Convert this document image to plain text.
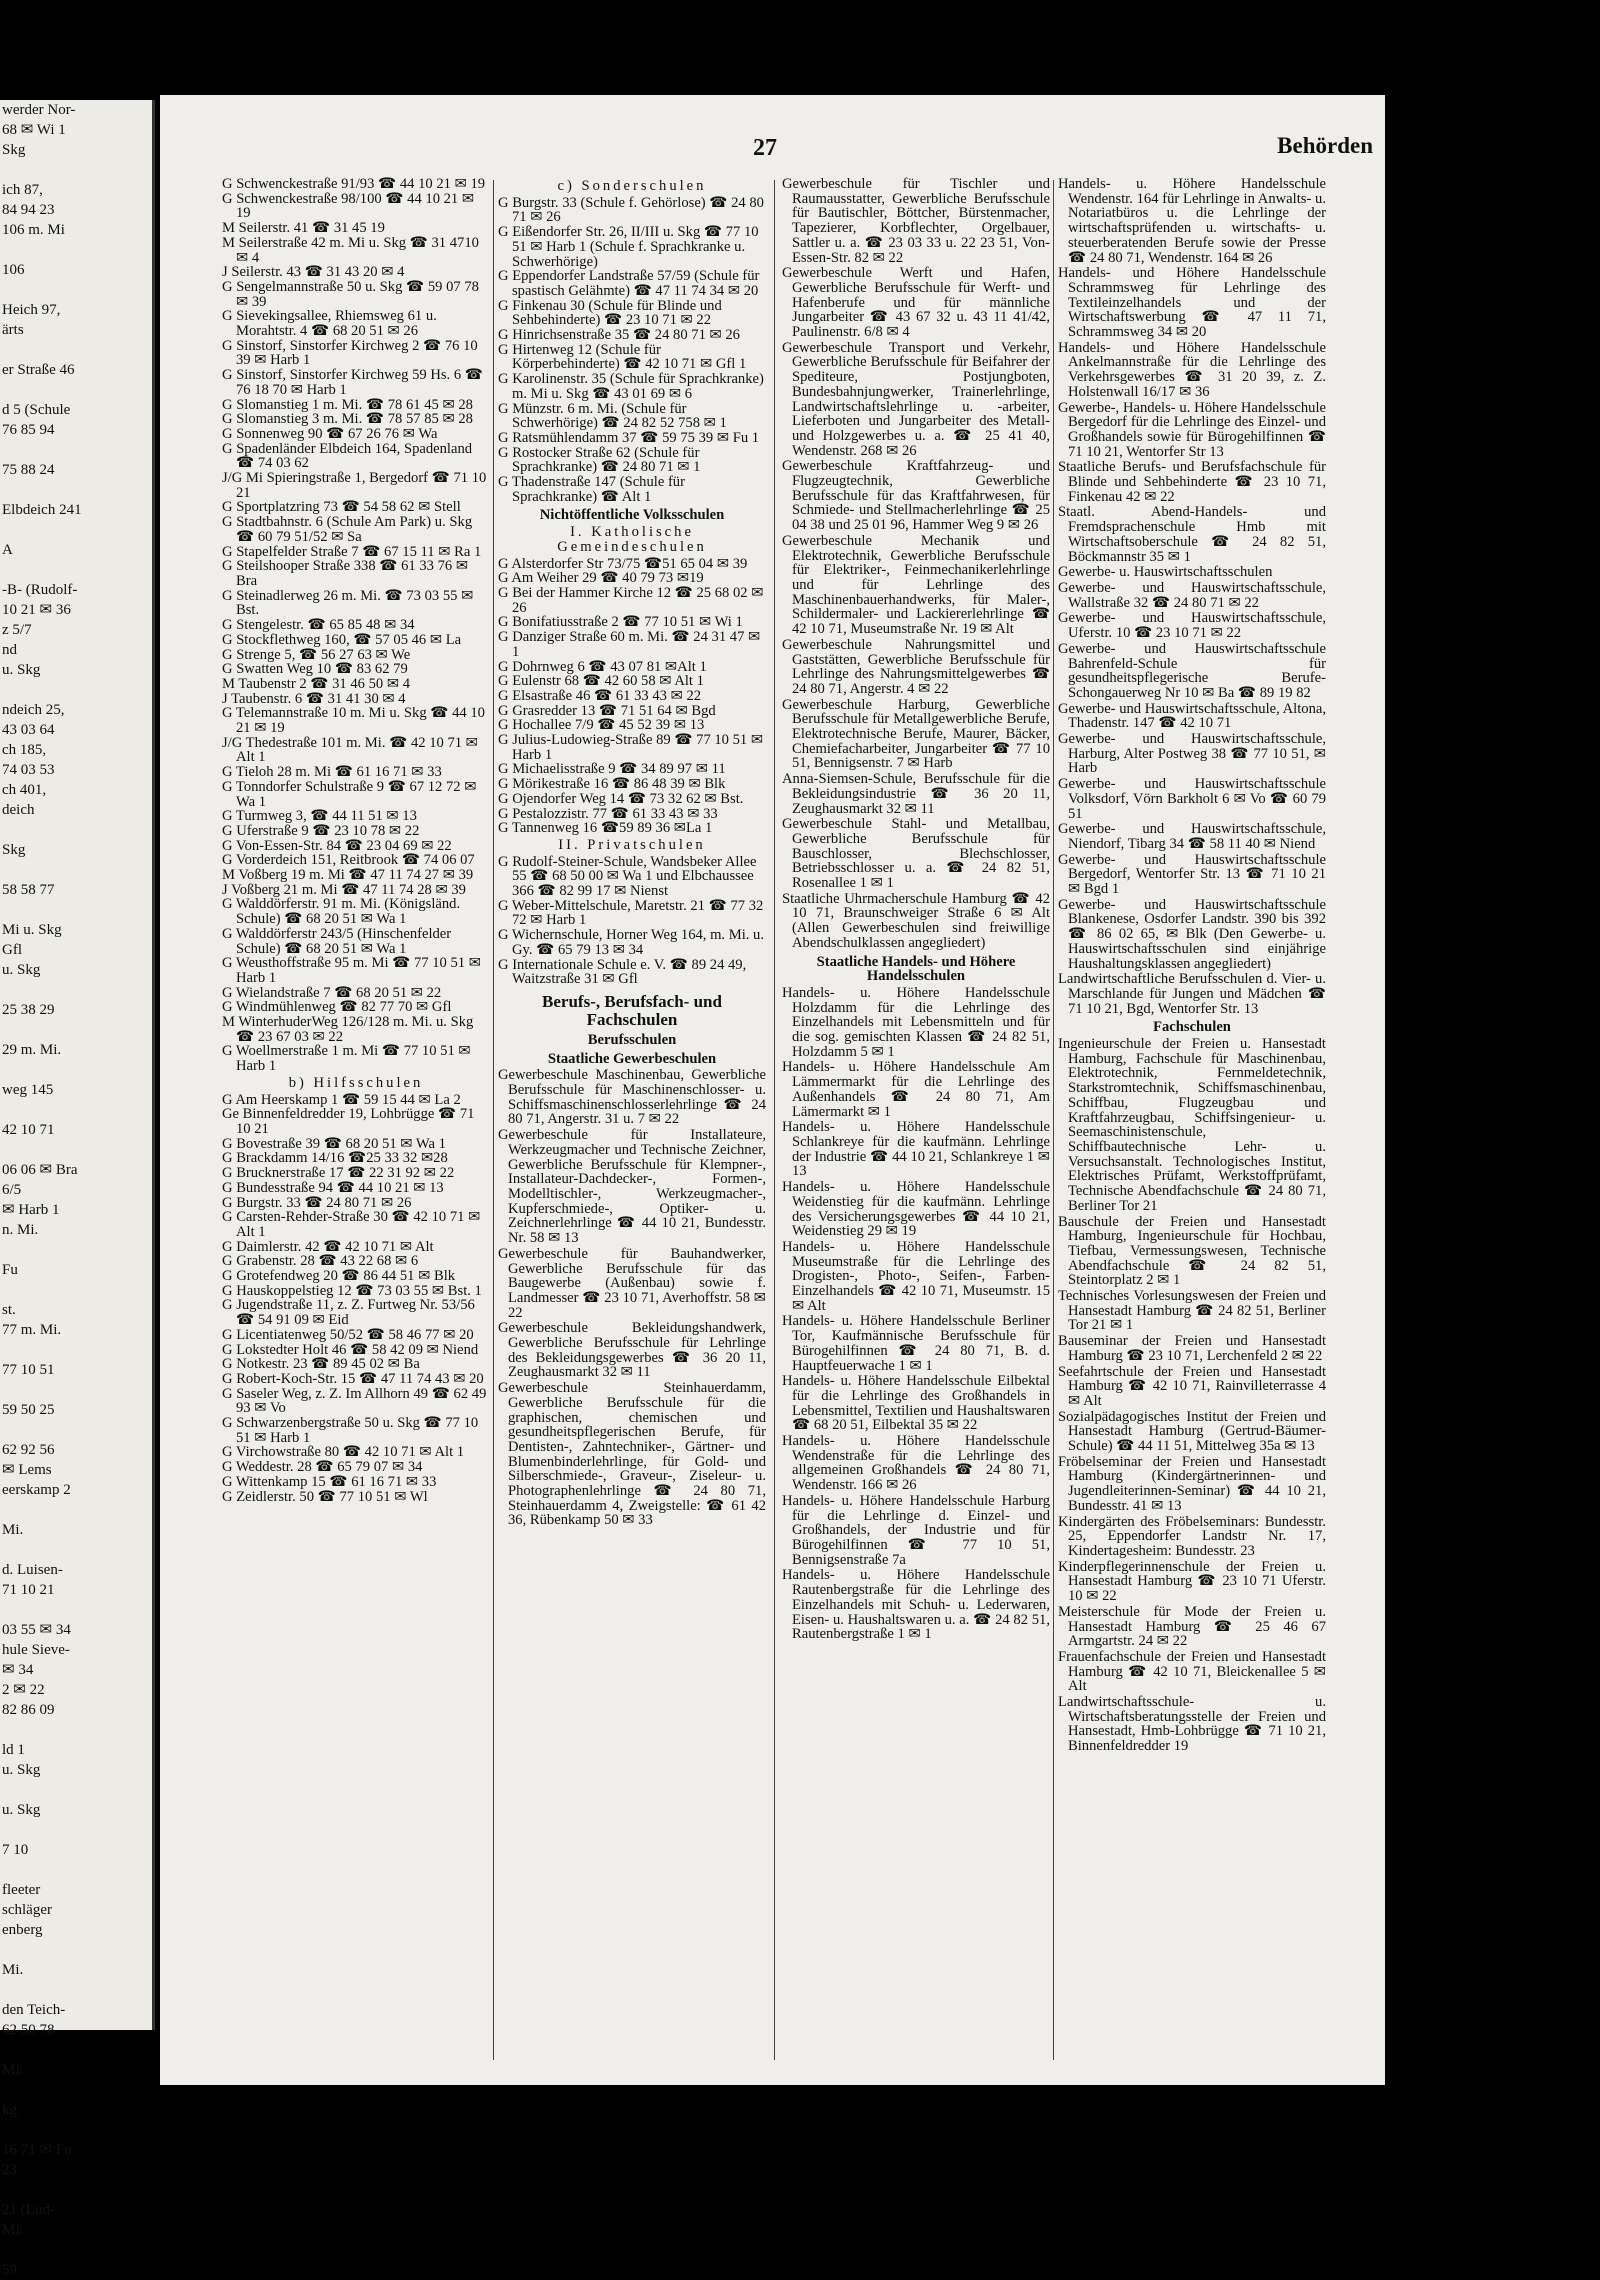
werder Nor-
68 ✉ Wi 1
Skg

ich 87,
84 94 23
106 m. Mi

106

Heich 97,
ärts

er Straße 46

d 5 (Schule
76 85 94

75 88 24

Elbdeich 241

A

-B- (Rudolf-
10 21 ✉ 36
z 5/7
nd
u. Skg

ndeich 25,
43 03 64
ch 185,
74 03 53
ch 401,
deich

Skg

58 58 77

Mi u. Skg
Gfl
u. Skg

25 38 29

29 m. Mi.

weg 145

42 10 71

06 06 ✉ Bra
6/5
✉ Harb 1
n. Mi.

Fu

st.
77 m. Mi.

77 10 51

59 50 25

62 92 56
✉ Lems
eerskamp 2

Mi.

d. Luisen-
71 10 21

03 55 ✉ 34
hule Sieve-
✉ 34
2 ✉ 22
82 86 09

ld 1
u. Skg

u. Skg

7 10

fleeter
schläger
enberg

Mi.

den Teich-
62 50 78

Mi.

kg

16 71 ✉ Fu
23

21 (Lud-
Mi.

59
27	Behörden
G Schwenckestraße 91/93 ☎ 44 10 21 ✉ 19
G Schwenckestraße 98/100 ☎ 44 10 21 ✉ 19
M Seilerstr. 41 ☎ 31 45 19
M Seilerstraße 42 m. Mi u. Skg ☎ 31 4710 ✉ 4
J Seilerstr. 43 ☎ 31 43 20 ✉ 4
G Sengelmannstraße 50 u. Skg ☎ 59 07 78 ✉ 39
G Sievekingsallee, Rhiemsweg 61 u. Morahtstr. 4 ☎ 68 20 51 ✉ 26
G Sinstorf, Sinstorfer Kirchweg 2 ☎ 76 10 39 ✉ Harb 1
G Sinstorf, Sinstorfer Kirchweg 59 Hs. 6 ☎ 76 18 70 ✉ Harb 1
G Slomanstieg 1 m. Mi. ☎ 78 61 45 ✉ 28
G Slomanstieg 3 m. Mi. ☎ 78 57 85 ✉ 28
G Sonnenweg 90 ☎ 67 26 76 ✉ Wa
G Spadenländer Elbdeich 164, Spadenland ☎ 74 03 62
J/G Mi Spieringstraße 1, Bergedorf ☎ 71 10 21
G Sportplatzring 73 ☎ 54 58 62 ✉ Stell
G Stadtbahnstr. 6 (Schule Am Park) u. Skg ☎ 60 79 51/52 ✉ Sa
G Stapelfelder Straße 7 ☎ 67 15 11 ✉ Ra 1
G Steilshooper Straße 338 ☎ 61 33 76 ✉ Bra
G Steinadlerweg 26 m. Mi. ☎ 73 03 55 ✉ Bst.
G Stengelestr. ☎ 65 85 48 ✉ 34
G Stockflethweg 160, ☎ 57 05 46 ✉ La
G Strenge 5, ☎ 56 27 63 ✉ We
G Swatten Weg 10 ☎ 83 62 79
M Taubenstr 2 ☎ 31 46 50 ✉ 4
J Taubenstr. 6 ☎ 31 41 30 ✉ 4
G Telemannstraße 10 m. Mi u. Skg ☎ 44 10 21 ✉ 19
J/G Thedestraße 101 m. Mi. ☎ 42 10 71 ✉ Alt 1
G Tieloh 28 m. Mi ☎ 61 16 71 ✉ 33
G Tonndorfer Schulstraße 9 ☎ 67 12 72 ✉ Wa 1
G Turmweg 3, ☎ 44 11 51 ✉ 13
G Uferstraße 9 ☎ 23 10 78 ✉ 22
G Von-Essen-Str. 84 ☎ 23 04 69 ✉ 22
G Vorderdeich 151, Reitbrook ☎ 74 06 07
M Voßberg 19 m. Mi ☎ 47 11 74 27 ✉ 39
J Voßberg 21 m. Mi ☎ 47 11 74 28 ✉ 39
G Walddörferstr. 91 m. Mi. (Königsländ. Schule) ☎ 68 20 51 ✉ Wa 1
G Walddörferstr 243/5 (Hinschenfelder Schule) ☎ 68 20 51 ✉ Wa 1
G Weusthoffstraße 95 m. Mi ☎ 77 10 51 ✉ Harb 1
G Wielandstraße 7 ☎ 68 20 51 ✉ 22
G Windmühlenweg ☎ 82 77 70 ✉ Gfl
M WinterhuderWeg 126/128 m. Mi. u. Skg ☎ 23 67 03 ✉ 22
G Woellmerstraße 1 m. Mi ☎ 77 10 51 ✉ Harb 1
b) Hilfsschulen
G Am Heerskamp 1 ☎ 59 15 44 ✉ La 2
Ge Binnenfeldredder 19, Lohbrügge ☎ 71 10 21
G Bovestraße 39 ☎ 68 20 51 ✉ Wa 1
G Brackdamm 14/16 ☎25 33 32 ✉28
G Brucknerstraße 17 ☎ 22 31 92 ✉ 22
G Bundesstraße 94 ☎ 44 10 21 ✉ 13
G Burgstr. 33 ☎ 24 80 71 ✉ 26
G Carsten-Rehder-Straße 30 ☎ 42 10 71 ✉ Alt 1
G Daimlerstr. 42 ☎ 42 10 71 ✉ Alt
G Grabenstr. 28 ☎ 43 22 68 ✉ 6
G Grotefendweg 20 ☎ 86 44 51 ✉ Blk
G Hauskoppelstieg 12 ☎ 73 03 55 ✉ Bst. 1
G Jugendstraße 11, z. Z. Furtweg Nr. 53/56 ☎ 54 91 09 ✉ Eid
G Licentiatenweg 50/52 ☎ 58 46 77 ✉ 20
G Lokstedter Holt 46 ☎ 58 42 09 ✉ Niend
G Notkestr. 23 ☎ 89 45 02 ✉ Ba
G Robert-Koch-Str. 15 ☎ 47 11 74 43 ✉ 20
G Saseler Weg, z. Z. Im Allhorn 49 ☎ 62 49 93 ✉ Vo
G Schwarzenbergstraße 50 u. Skg ☎ 77 10 51 ✉ Harb 1
G Virchowstraße 80 ☎ 42 10 71 ✉ Alt 1
G Weddestr. 28 ☎ 65 79 07 ✉ 34
G Wittenkamp 15 ☎ 61 16 71 ✉ 33
G Zeidlerstr. 50 ☎ 77 10 51 ✉ Wl
c) Sonderschulen
G Burgstr. 33 (Schule f. Gehörlose) ☎ 24 80 71 ✉ 26
G Eißendorfer Str. 26, II/III u. Skg ☎ 77 10 51 ✉ Harb 1 (Schule f. Sprachkranke u. Schwerhörige)
G Eppendorfer Landstraße 57/59 (Schule für spastisch Gelähmte) ☎ 47 11 74 34 ✉ 20
G Finkenau 30 (Schule für Blinde und Sehbehinderte) ☎ 23 10 71 ✉ 22
G Hinrichsenstraße 35 ☎ 24 80 71 ✉ 26
G Hirtenweg 12 (Schule für Körperbehinderte) ☎ 42 10 71 ✉ Gfl 1
G Karolinenstr. 35 (Schule für Sprachkranke) m. Mi u. Skg ☎ 43 01 69 ✉ 6
G Münzstr. 6 m. Mi. (Schule für Schwerhörige) ☎ 24 82 52 758 ✉ 1
G Ratsmühlendamm 37 ☎ 59 75 39 ✉ Fu 1
G Rostocker Straße 62 (Schule für Sprachkranke) ☎ 24 80 71 ✉ 1
G Thadenstraße 147 (Schule für Sprachkranke) ☎ Alt 1
Nichtöffentliche Volksschulen
I. Katholische Gemeindeschulen
G Alsterdorfer Str 73/75 ☎51 65 04 ✉ 39
G Am Weiher 29 ☎ 40 79 73 ✉19
G Bei der Hammer Kirche 12 ☎ 25 68 02 ✉ 26
G Bonifatiusstraße 2 ☎ 77 10 51 ✉ Wi 1
G Danziger Straße 60 m. Mi. ☎ 24 31 47 ✉ 1
G Dohrnweg 6 ☎ 43 07 81 ✉Alt 1
G Eulenstr 68 ☎ 42 60 58 ✉ Alt 1
G Elsastraße 46 ☎ 61 33 43 ✉ 22
G Grasredder 13 ☎ 71 51 64 ✉ Bgd
G Hochallee 7/9 ☎ 45 52 39 ✉ 13
G Julius-Ludowieg-Straße 89 ☎ 77 10 51 ✉ Harb 1
G Michaelisstraße 9 ☎ 34 89 97 ✉ 11
G Mörikestraße 16 ☎ 86 48 39 ✉ Blk
G Ojendorfer Weg 14 ☎ 73 32 62 ✉ Bst.
G Pestalozzistr. 77 ☎ 61 33 43 ✉ 33
G Tannenweg 16 ☎59 89 36 ✉La 1
II. Privatschulen
G Rudolf-Steiner-Schule, Wandsbeker Allee 55 ☎ 68 50 00 ✉ Wa 1 und Elbchaussee 366 ☎ 82 99 17 ✉ Nienst
G Weber-Mittelschule, Maretstr. 21 ☎ 77 32 72 ✉ Harb 1
G Wichernschule, Horner Weg 164, m. Mi. u. Gy. ☎ 65 79 13 ✉ 34
G Internationale Schule e. V. ☎ 89 24 49, Waitzstraße 31 ✉ Gfl
Berufs-, Berufsfach- und Fachschulen
Berufsschulen
Staatliche Gewerbeschulen
Gewerbeschule Maschinenbau, Gewerbliche Berufsschule für Maschinenschlosser- u. Schiffsmaschinenschlosserlehrlinge ☎ 24 80 71, Angerstr. 31 u. 7 ✉ 22
Gewerbeschule für Installateure, Werkzeugmacher und Technische Zeichner, Gewerbliche Berufsschule für Klempner-, Installateur-Dachdecker-, Formen-, Modelltischler-, Werkzeugmacher-, Kupferschmiede-, Optiker- u. Zeichnerlehrlinge ☎ 44 10 21, Bundesstr. Nr. 58 ✉ 13
Gewerbeschule für Bauhandwerker, Gewerbliche Berufsschule für das Baugewerbe (Außenbau) sowie f. Landmesser ☎ 23 10 71, Averhoffstr. 58 ✉ 22
Gewerbeschule Bekleidungshandwerk, Gewerbliche Berufsschule für Lehrlinge des Bekleidungsgewerbes ☎ 36 20 11, Zeughausmarkt 32 ✉ 11
Gewerbeschule Steinhauerdamm, Gewerbliche Berufsschule für die graphischen, chemischen und gesundheitspflegerischen Berufe, für Dentisten-, Zahntechniker-, Gärtner- und Blumenbinderlehrlinge, für Gold- und Silberschmiede-, Graveur-, Ziseleur- u. Photographenlehrlinge ☎ 24 80 71, Steinhauerdamm 4, Zweigstelle: ☎ 61 42 36, Rübenkamp 50 ✉ 33
Gewerbeschule für Tischler und Raumausstatter, Gewerbliche Berufsschule für Bautischler, Böttcher, Bürstenmacher, Tapezierer, Korbflechter, Orgelbauer, Sattler u. a. ☎ 23 03 33 u. 22 23 51, Von-Essen-Str. 82 ✉ 22
Gewerbeschule Werft und Hafen, Gewerbliche Berufsschule für Werft- und Hafenberufe und für männliche Jungarbeiter ☎ 43 67 32 u. 43 11 41/42, Paulinenstr. 6/8 ✉ 4
Gewerbeschule Transport und Verkehr, Gewerbliche Berufsschule für Beifahrer der Spediteure, Postjungboten, Bundesbahnjungwerker, Trainerlehrlinge, Landwirtschaftslehrlinge u. -arbeiter, Lieferboten und Jungarbeiter des Metall- und Holzgewerbes u. a. ☎ 25 41 40, Wendenstr. 268 ✉ 26
Gewerbeschule Kraftfahrzeug- und Flugzeugtechnik, Gewerbliche Berufsschule für das Kraftfahrwesen, für Schmiede- und Stellmacherlehrlinge ☎ 25 04 38 und 25 01 96, Hammer Weg 9 ✉ 26
Gewerbeschule Mechanik und Elektrotechnik, Gewerbliche Berufsschule für Elektriker-, Feinmechanikerlehrlinge und für Lehrlinge des Maschinenbauerhandwerks, für Maler-, Schildermaler- und Lackiererlehrlinge ☎ 42 10 71, Museumstraße Nr. 19 ✉ Alt
Gewerbeschule Nahrungsmittel und Gaststätten, Gewerbliche Berufsschule für Lehrlinge des Nahrungsmittelgewerbes ☎ 24 80 71, Angerstr. 4 ✉ 22
Gewerbeschule Harburg, Gewerbliche Berufsschule für Metallgewerbliche Berufe, Elektrotechnische Berufe, Maurer, Bäcker, Chemiefacharbeiter, Jungarbeiter ☎ 77 10 51, Bennigsenstr. 7 ✉ Harb
Anna-Siemsen-Schule, Berufsschule für die Bekleidungsindustrie ☎ 36 20 11, Zeughausmarkt 32 ✉ 11
Gewerbeschule Stahl- und Metallbau, Gewerbliche Berufsschule für Bauschlosser, Blechschlosser, Betriebsschlosser u. a. ☎ 24 82 51, Rosenallee 1 ✉ 1
Staatliche Uhrmacherschule Hamburg ☎ 42 10 71, Braunschweiger Straße 6 ✉ Alt (Allen Gewerbeschulen sind freiwillige Abendschulklassen angegliedert)
Staatliche Handels- und Höhere Handelsschulen
Handels- u. Höhere Handelsschule Holzdamm für die Lehrlinge des Einzelhandels mit Lebensmitteln und für die sog. gemischten Klassen ☎ 24 82 51, Holzdamm 5 ✉ 1
Handels- u. Höhere Handelsschule Am Lämmermarkt für die Lehrlinge des Außenhandels ☎ 24 80 71, Am Lämermarkt ✉ 1
Handels- u. Höhere Handelsschule Schlankreye für die kaufmänn. Lehrlinge der Industrie ☎ 44 10 21, Schlankreye 1 ✉ 13
Handels- u. Höhere Handelsschule Weidenstieg für die kaufmänn. Lehrlinge des Versicherungsgewerbes ☎ 44 10 21, Weidenstieg 29 ✉ 19
Handels- u. Höhere Handelsschule Museumstraße für die Lehrlinge des Drogisten-, Photo-, Seifen-, Farben-Einzelhandels ☎ 42 10 71, Museumstr. 15 ✉ Alt
Handels- u. Höhere Handelsschule Berliner Tor, Kaufmännische Berufsschule für Bürogehilfinnen ☎ 24 80 71, B. d. Hauptfeuerwache 1 ✉ 1
Handels- u. Höhere Handelsschule Eilbektal für die Lehrlinge des Großhandels in Lebensmittel, Textilien und Haushaltswaren ☎ 68 20 51, Eilbektal 35 ✉ 22
Handels- u. Höhere Handelsschule Wendenstraße für die Lehrlinge des allgemeinen Großhandels ☎ 24 80 71, Wendenstr. 166 ✉ 26
Handels- u. Höhere Handelsschule Harburg für die Lehrlinge d. Einzel- und Großhandels, der Industrie und für Bürogehilfinnen ☎ 77 10 51, Bennigsenstraße 7a
Handels- u. Höhere Handelsschule Rautenbergstraße für die Lehrlinge des Einzelhandels mit Schuh- u. Lederwaren, Eisen- u. Haushaltswaren u. a. ☎ 24 82 51, Rautenbergstraße 1 ✉ 1
Handels- u. Höhere Handelsschule Wendenstr. 164 für Lehrlinge in Anwalts- u. Notariatbüros u. die Lehrlinge der wirtschaftsprüfenden u. wirtschafts- u. steuerberatenden Berufe sowie der Presse ☎ 24 80 71, Wendenstr. 164 ✉ 26
Handels- und Höhere Handelsschule Schrammsweg für Lehrlinge des Textileinzelhandels und der Wirtschaftswerbung ☎ 47 11 71, Schrammsweg 34 ✉ 20
Handels- und Höhere Handelsschule Ankelmannstraße für die Lehrlinge des Verkehrsgewerbes ☎ 31 20 39, z. Z. Holstenwall 16/17 ✉ 36
Gewerbe-, Handels- u. Höhere Handelsschule Bergedorf für die Lehrlinge des Einzel- und Großhandels sowie für Bürogehilfinnen ☎ 71 10 21, Wentorfer Str 13
Staatliche Berufs- und Berufsfachschule für Blinde und Sehbehinderte ☎ 23 10 71, Finkenau 42 ✉ 22
Staatl. Abend-Handels- und Fremdsprachenschule Hmb mit Wirtschaftsoberschule ☎ 24 82 51, Böckmannstr 35 ✉ 1
Gewerbe- u. Hauswirtschaftsschulen
Gewerbe- und Hauswirtschaftsschule, Wallstraße 32 ☎ 24 80 71 ✉ 22
Gewerbe- und Hauswirtschaftsschule, Uferstr. 10 ☎ 23 10 71 ✉ 22
Gewerbe- und Hauswirtschaftsschule Bahrenfeld-Schule für gesundheitspflegerische Berufe- Schongauerweg Nr 10 ✉ Ba ☎ 89 19 82
Gewerbe- und Hauswirtschaftsschule, Altona, Thadenstr. 147 ☎ 42 10 71
Gewerbe- und Hauswirtschaftsschule, Harburg, Alter Postweg 38 ☎ 77 10 51, ✉ Harb
Gewerbe- und Hauswirtschaftsschule Volksdorf, Vörn Barkholt 6 ✉ Vo ☎ 60 79 51
Gewerbe- und Hauswirtschaftsschule, Niendorf, Tibarg 34 ☎ 58 11 40 ✉ Niend
Gewerbe- und Hauswirtschaftsschule Bergedorf, Wentorfer Str. 13 ☎ 71 10 21 ✉ Bgd 1
Gewerbe- und Hauswirtschaftsschule Blankenese, Osdorfer Landstr. 390 bis 392 ☎ 86 02 65, ✉ Blk (Den Gewerbe- u. Hauswirtschaftsschulen sind einjährige Haushaltungsklassen angegliedert)
Landwirtschaftliche Berufsschulen d. Vier- u. Marschlande für Jungen und Mädchen ☎ 71 10 21, Bgd, Wentorfer Str. 13
Fachschulen
Ingenieurschule der Freien u. Hansestadt Hamburg, Fachschule für Maschinenbau, Elektrotechnik, Fernmeldetechnik, Starkstromtechnik, Schiffsmaschinenbau, Schiffbau, Flugzeugbau und Kraftfahrzeugbau, Schiffsingenieur- u. Seemaschinistenschule, Schiffbautechnische Lehr- u. Versuchsanstalt. Technologisches Institut, Elektrisches Prüfamt, Werkstoffprüfamt, Technische Abendfachschule ☎ 24 80 71, Berliner Tor 21
Bauschule der Freien und Hansestadt Hamburg, Ingenieurschule für Hochbau, Tiefbau, Vermessungswesen, Technische Abendfachschule ☎ 24 82 51, Steintorplatz 2 ✉ 1
Technisches Vorlesungswesen der Freien und Hansestadt Hamburg ☎ 24 82 51, Berliner Tor 21 ✉ 1
Bauseminar der Freien und Hansestadt Hamburg ☎ 23 10 71, Lerchenfeld 2 ✉ 22
Seefahrtschule der Freien und Hansestadt Hamburg ☎ 42 10 71, Rainvilleterrasse 4 ✉ Alt
Sozialpädagogisches Institut der Freien und Hansestadt Hamburg (Gertrud-Bäumer-Schule) ☎ 44 11 51, Mittelweg 35a ✉ 13
Fröbelseminar der Freien und Hansestadt Hamburg (Kindergärtnerinnen- und Jugendleiterinnen-Seminar) ☎ 44 10 21, Bundesstr. 41 ✉ 13
Kindergärten des Fröbelseminars: Bundesstr. 25, Eppendorfer Landstr Nr. 17, Kindertagesheim: Bundesstr. 23
Kinderpflegerinnenschule der Freien u. Hansestadt Hamburg ☎ 23 10 71 Uferstr. 10 ✉ 22
Meisterschule für Mode der Freien u. Hansestadt Hamburg ☎ 25 46 67 Armgartstr. 24 ✉ 22
Frauenfachschule der Freien und Hansestadt Hamburg ☎ 42 10 71, Bleickenallee 5 ✉ Alt
Landwirtschaftsschule- u. Wirtschaftsberatungsstelle der Freien und Hansestadt, Hmb-Lohbrügge ☎ 71 10 21, Binnenfeldredder 19
